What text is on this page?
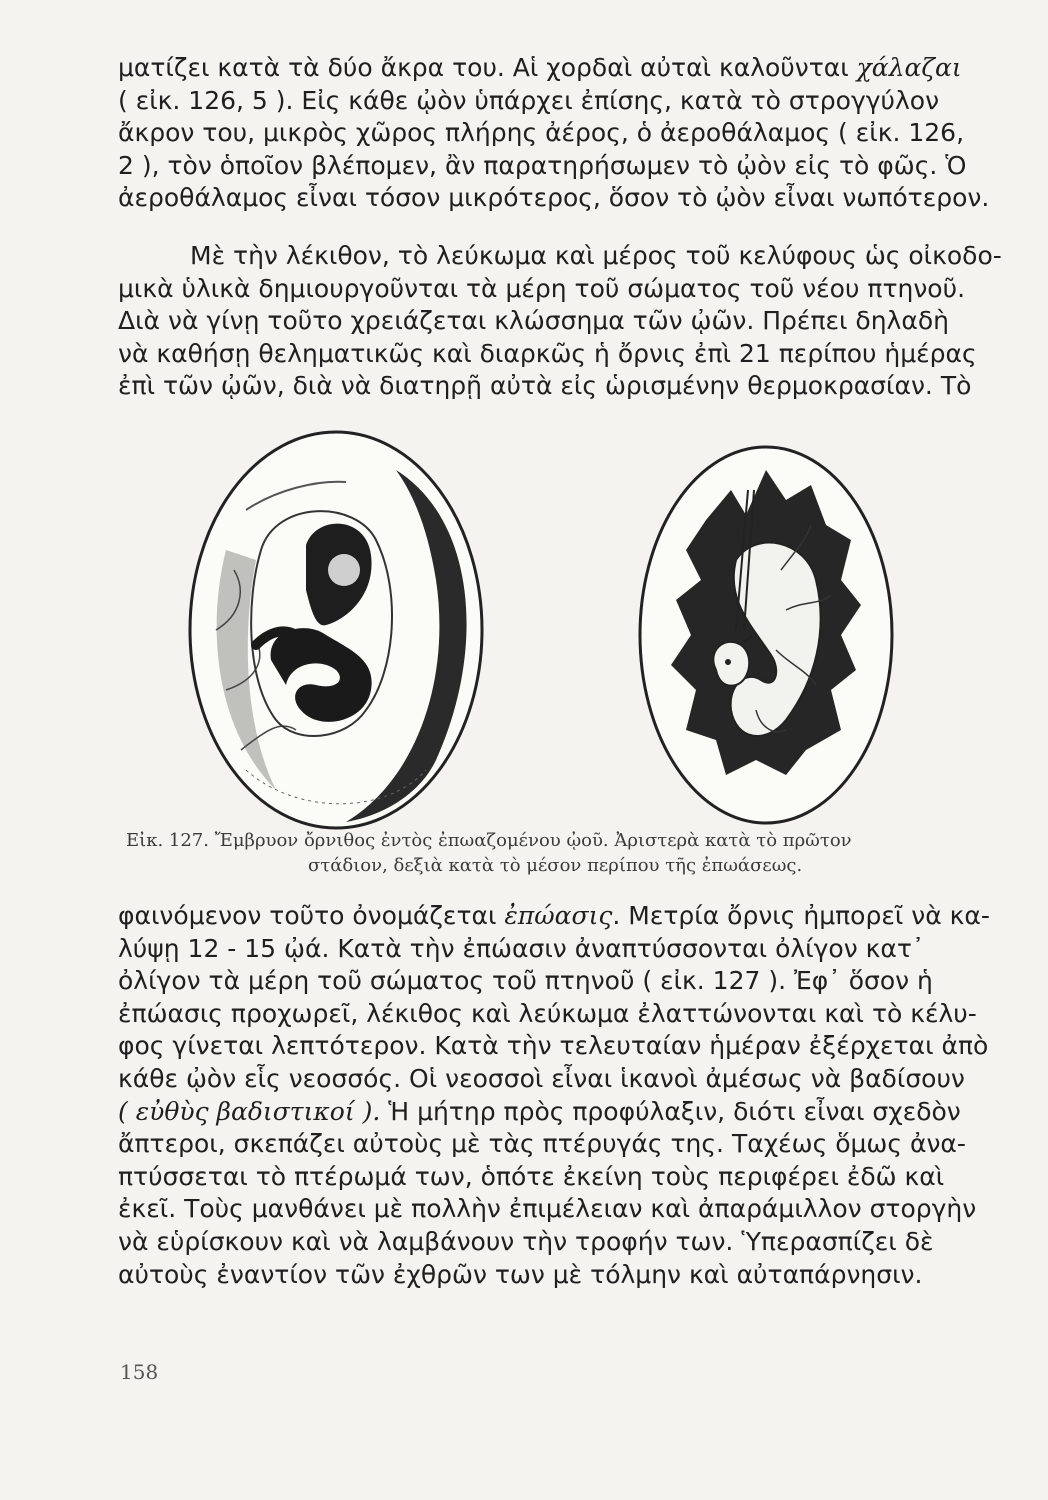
ματίζει κατὰ τὰ δύο ἄκρα του. Αἱ χορδαὶ αὐταὶ καλοῦνται χάλαζαι
( εἰκ. 126, 5 ). Εἰς κάθε ᾠὸν ὑπάρχει ἐπίσης, κατὰ τὸ στρογγύλον
ἄκρον του, μικρὸς χῶρος πλήρης ἀέρος, ὁ ἀεροθάλαμος ( εἰκ. 126,
2 ), τὸν ὁποῖον βλέπομεν, ἂν παρατηρήσωμεν τὸ ᾠὸν εἰς τὸ φῶς. Ὁ
ἀεροθάλαμος εἶναι τόσον μικρότερος, ὅσον τὸ ᾠὸν εἶναι νωπότερον.
Μὲ τὴν λέκιθον, τὸ λεύκωμα καὶ μέρος τοῦ κελύφους ὡς οἰκοδο-
μικὰ ὑλικὰ δημιουργοῦνται τὰ μέρη τοῦ σώματος τοῦ νέου πτηνοῦ.
Διὰ νὰ γίνῃ τοῦτο χρειάζεται κλώσσημα τῶν ᾠῶν. Πρέπει δηλαδὴ
νὰ καθήσῃ θεληματικῶς καὶ διαρκῶς ἡ ὄρνις ἐπὶ 21 περίπου ἡμέρας
ἐπὶ τῶν ᾠῶν, διὰ νὰ διατηρῇ αὐτὰ εἰς ὡρισμένην θερμοκρασίαν. Τὸ
Εἰκ. 127. Ἔμβρυον ὄρνιθος ἐντὸς ἐπωαζομένου ᾠοῦ. Ἀριστερὰ κατὰ τὸ πρῶτον
στάδιον, δεξιὰ κατὰ τὸ μέσον περίπου τῆς ἐπωάσεως.
φαινόμενον τοῦτο ὀνομάζεται ἐπώασις. Μετρία ὄρνις ἠμπορεῖ νὰ κα-
λύψῃ 12 - 15 ᾠά. Κατὰ τὴν ἐπώασιν ἀναπτύσσονται ὀλίγον κατ᾽
ὀλίγον τὰ μέρη τοῦ σώματος τοῦ πτηνοῦ ( εἰκ. 127 ). Ἐφ᾽ ὅσον ἡ
ἐπώασις προχωρεῖ, λέκιθος καὶ λεύκωμα ἐλαττώνονται καὶ τὸ κέλυ-
φος γίνεται λεπτότερον. Κατὰ τὴν τελευταίαν ἡμέραν ἐξέρχεται ἀπὸ
κάθε ᾠὸν εἷς νεοσσός. Οἱ νεοσσοὶ εἶναι ἱκανοὶ ἀμέσως νὰ βαδίσουν
( εὐθὺς βαδιστικοί ). Ἡ μήτηρ πρὸς προφύλαξιν, διότι εἶναι σχεδὸν
ἄπτεροι, σκεπάζει αὐτοὺς μὲ τὰς πτέρυγάς της. Ταχέως ὅμως ἀνα-
πτύσσεται τὸ πτέρωμά των, ὁπότε ἐκείνη τοὺς περιφέρει ἐδῶ καὶ
ἐκεῖ. Τοὺς μανθάνει μὲ πολλὴν ἐπιμέλειαν καὶ ἀπαράμιλλον στοργὴν
νὰ εὑρίσκουν καὶ νὰ λαμβάνουν τὴν τροφήν των. Ὑπερασπίζει δὲ
αὐτοὺς ἐναντίον τῶν ἐχθρῶν των μὲ τόλμην καὶ αὐταπάρνησιν.
158
